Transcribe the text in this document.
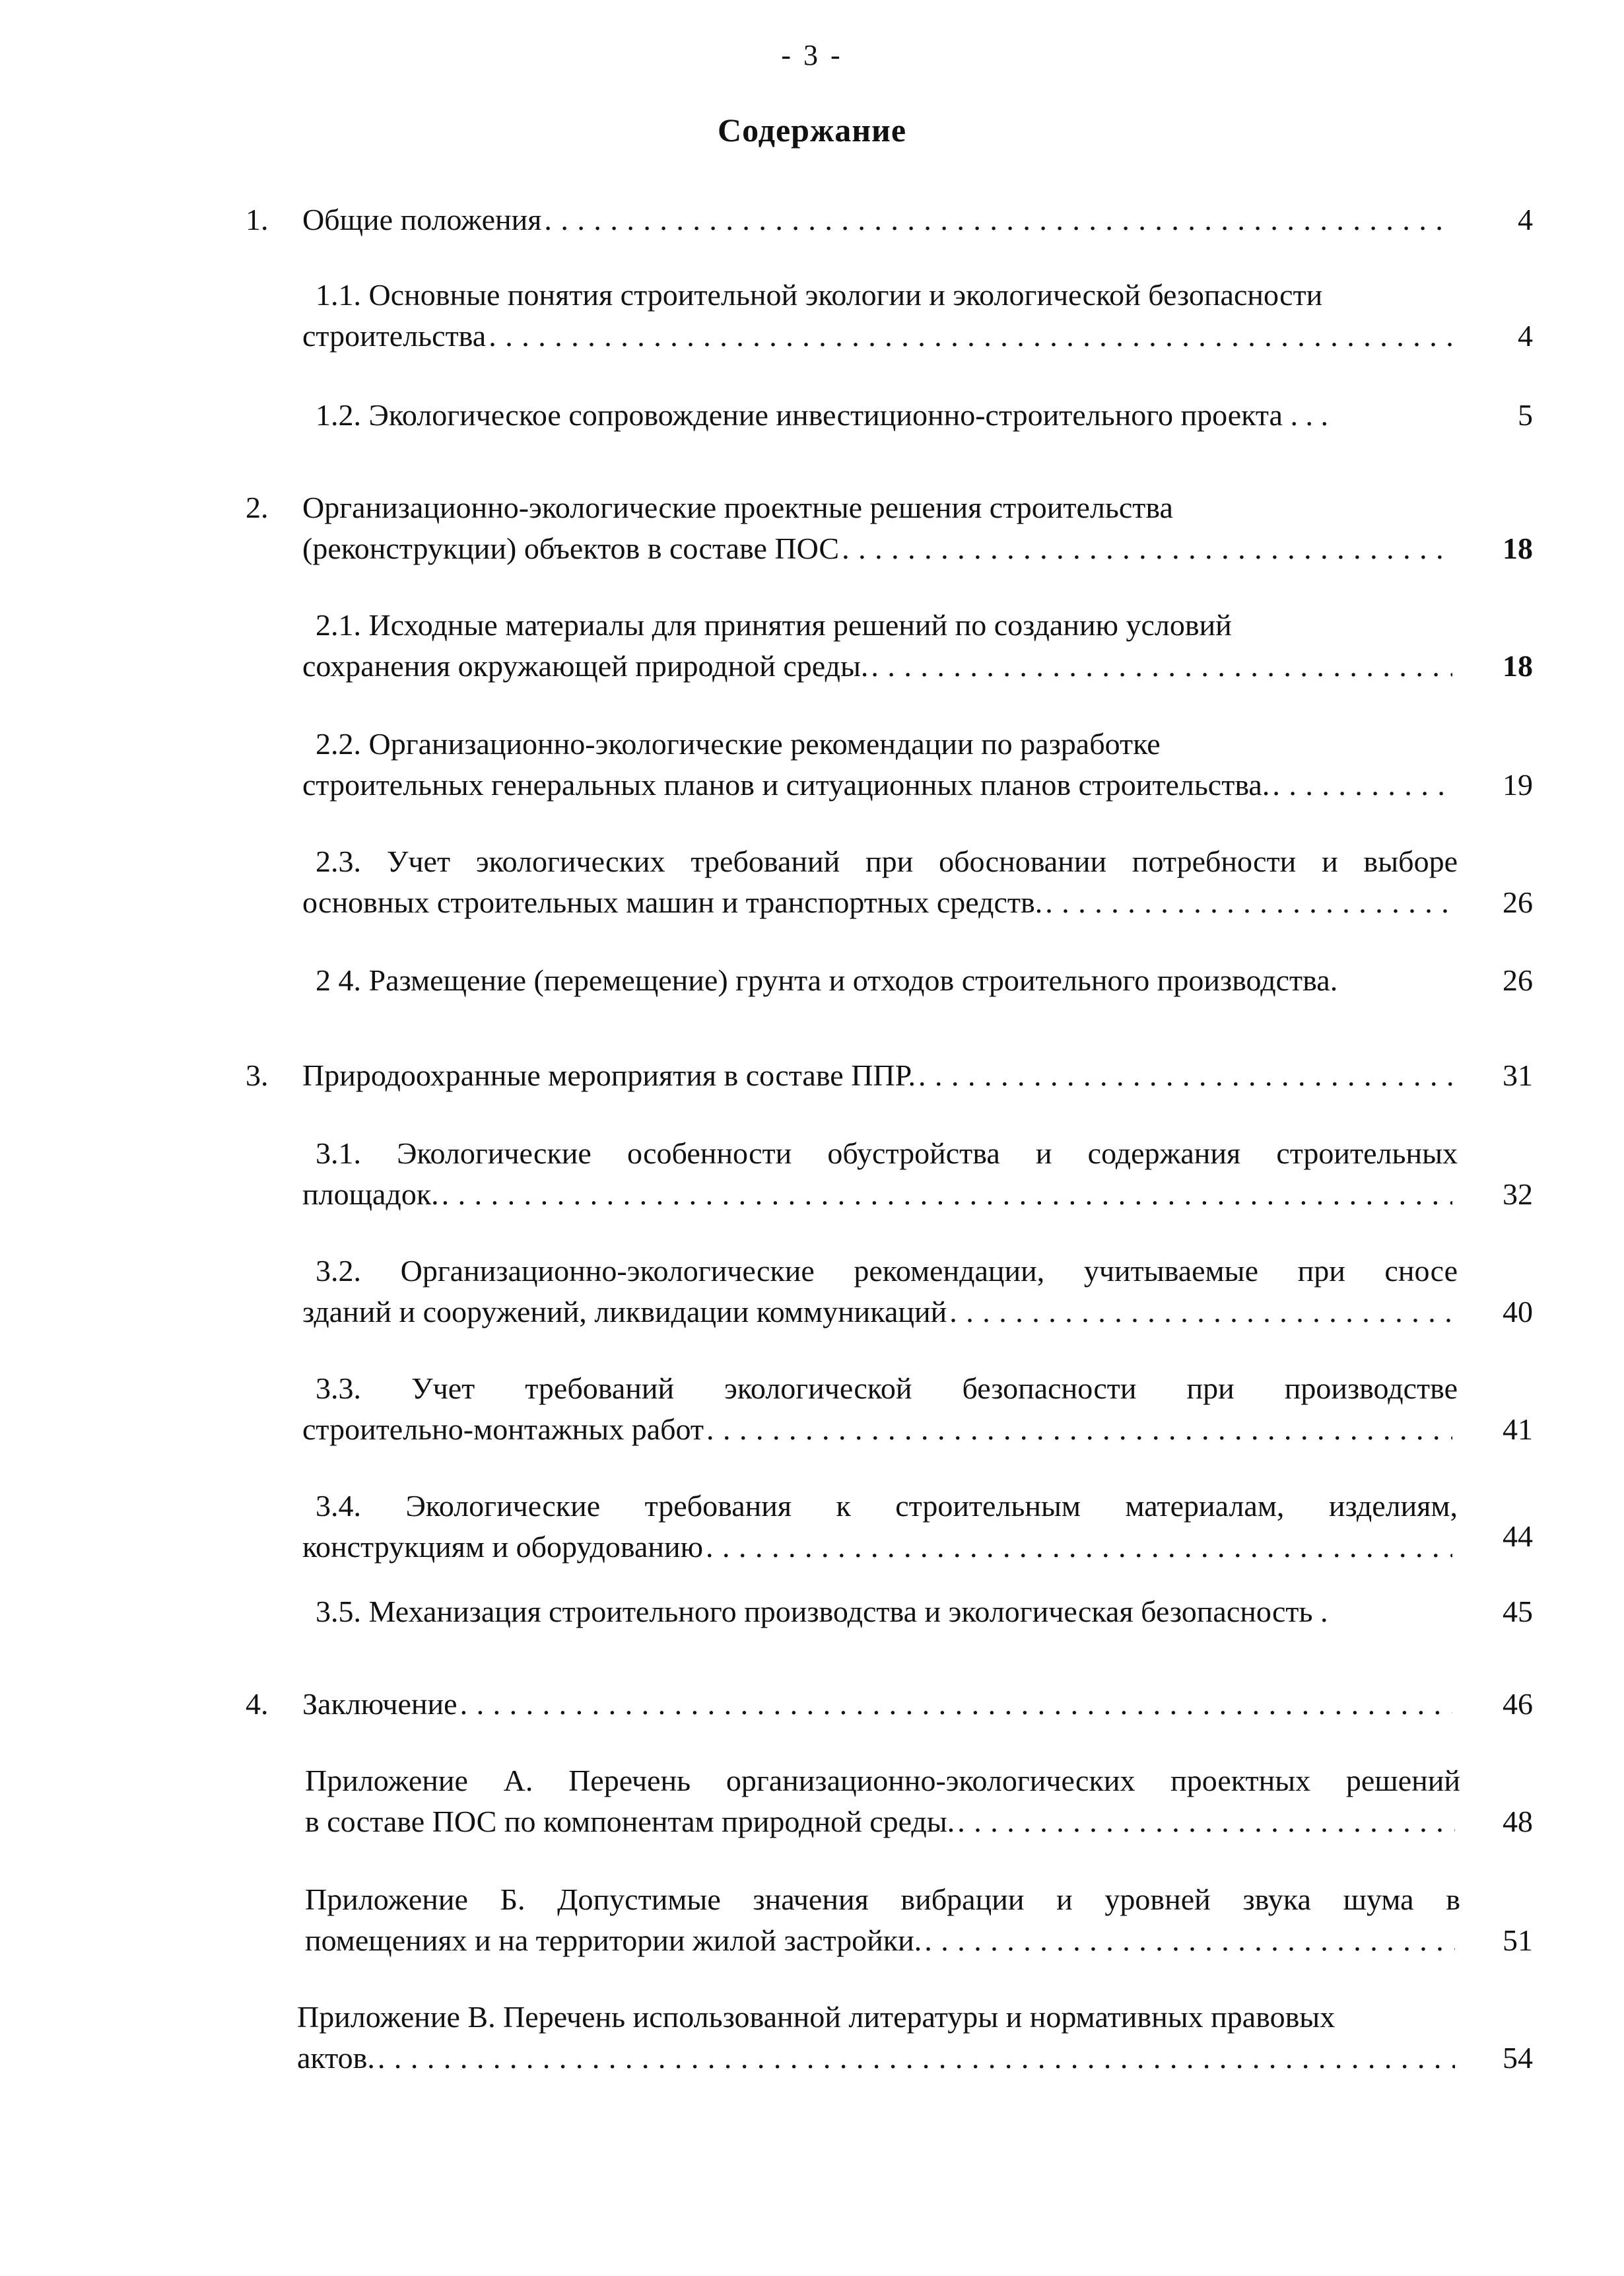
- 3 -
Содержание
1. Общие положения . . .	4
1.1. Основные понятия строительной экологии и экологической безопасности
строительства . . .	4
1.2. Экологическое сопровождение инвестиционно-строительного проекта . . .	5
2. Организационно-экологические проектные решения строительства
(реконструкции) объектов в составе ПОС . . .	18
2.1. Исходные материалы для принятия решений по созданию условий
сохранения окружающей природной среды. . . .	18
2.2. Организационно-экологические рекомендации по разработке
строительных генеральных планов и ситуационных планов строительства. . . .	19
2.3. Учет экологических требований при обосновании потребности и выборе
основных строительных машин и транспортных средств. . . .	26
2 4. Размещение (перемещение) грунта и отходов строительного производства.	26
3. Природоохранные мероприятия в составе ППР. . . .	31
3.1. Экологические особенности обустройства и содержания строительных
площадок. . . .	32
3.2. Организационно-экологические рекомендации, учитываемые при сносе
зданий и сооружений, ликвидации коммуникаций . . .	40
3.3. Учет требований экологической безопасности при производстве
строительно-монтажных работ . . .	41
3.4. Экологические требования к строительным материалам, изделиям,
конструкциям и оборудованию . . .	44
3.5. Механизация строительного производства и экологическая безопасность .	45
4. Заключение . . .	46
Приложение А. Перечень организационно-экологических проектных решений
в составе ПОС по компонентам природной среды. . . .	48
Приложение Б. Допустимые значения вибрации и уровней звука шума в
помещениях и на территории жилой застройки. . . .	51
Приложение В. Перечень использованной литературы и нормативных правовых
актов. . . .	54
